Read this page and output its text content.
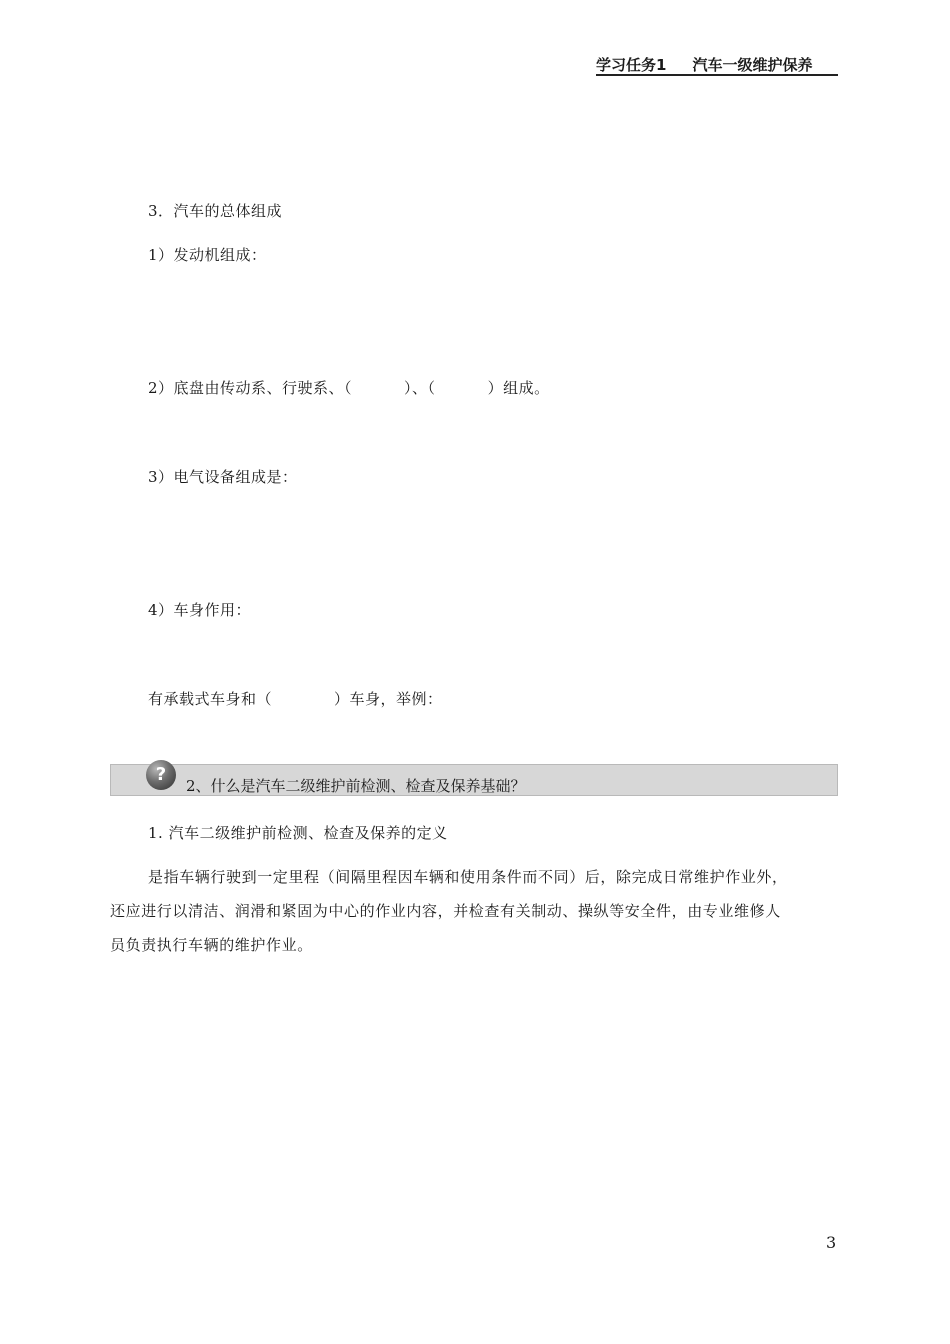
学习任务1 汽车一级维护保养
3．汽车的总体组成
1）发动机组成：
2）底盘由传动系、行驶系、（	）、（	）组成。
3）电气设备组成是：
4）车身作用：
有承载式车身和（	）车身，举例：
?
2、什么是汽车二级维护前检测、检查及保养基础？
1. 汽车二级维护前检测、检查及保养的定义

是指车辆行驶到一定里程（间隔里程因车辆和使用条件而不同）后，除完成日常维护作业外，

还应进行以清洁、润滑和紧固为中心的作业内容，并检查有关制动、操纵等安全件，由专业维修人

员负责执行车辆的维护作业。

3
